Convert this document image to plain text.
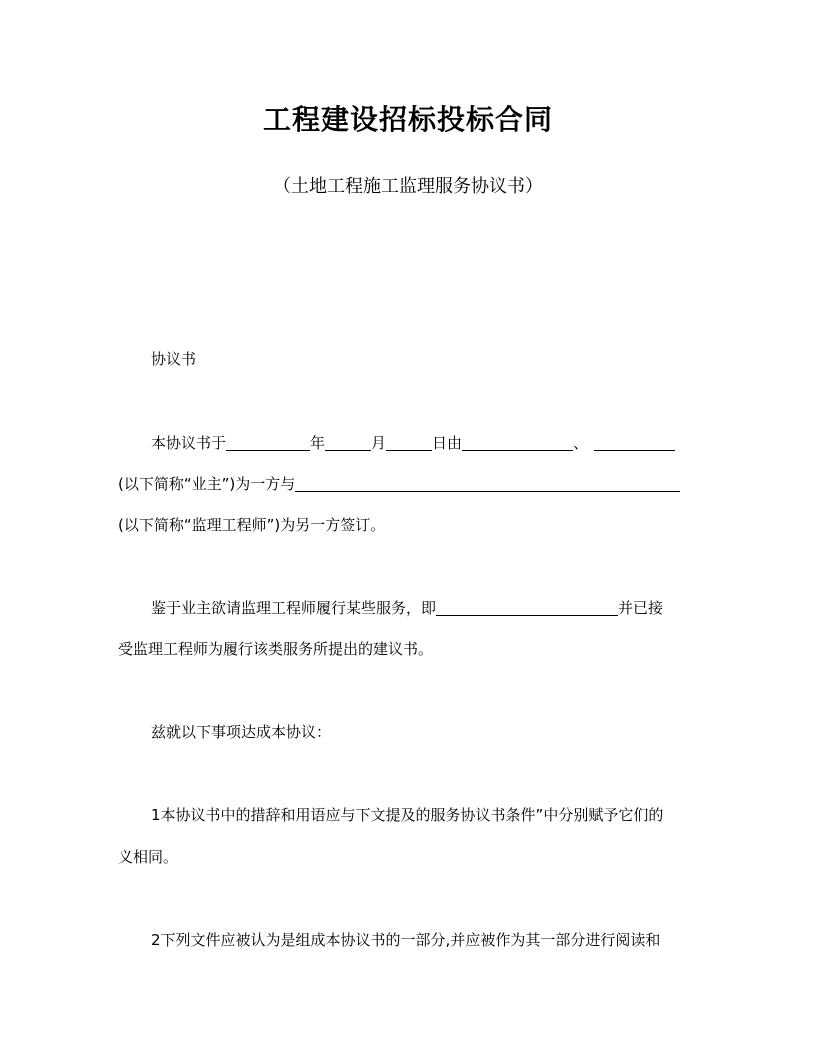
工程建设招标投标合同
（土地工程施工监理服务协议书）
协议书
本协议书于	年	月	日由	、
(以下简称“业主”)为一方与
(以下简称“监理工程师”)为另一方签订。
鉴于业主欲请监理工程师履行某些服务，即	并已接
受监理工程师为履行该类服务所提出的建议书。
兹就以下事项达成本协议：
1本协议书中的措辞和用语应与下文提及的服务协议书条件”中分别赋予它们的
义相同。
2下列文件应被认为是组成本协议书的一部分,并应被作为其一部分进行阅读和
